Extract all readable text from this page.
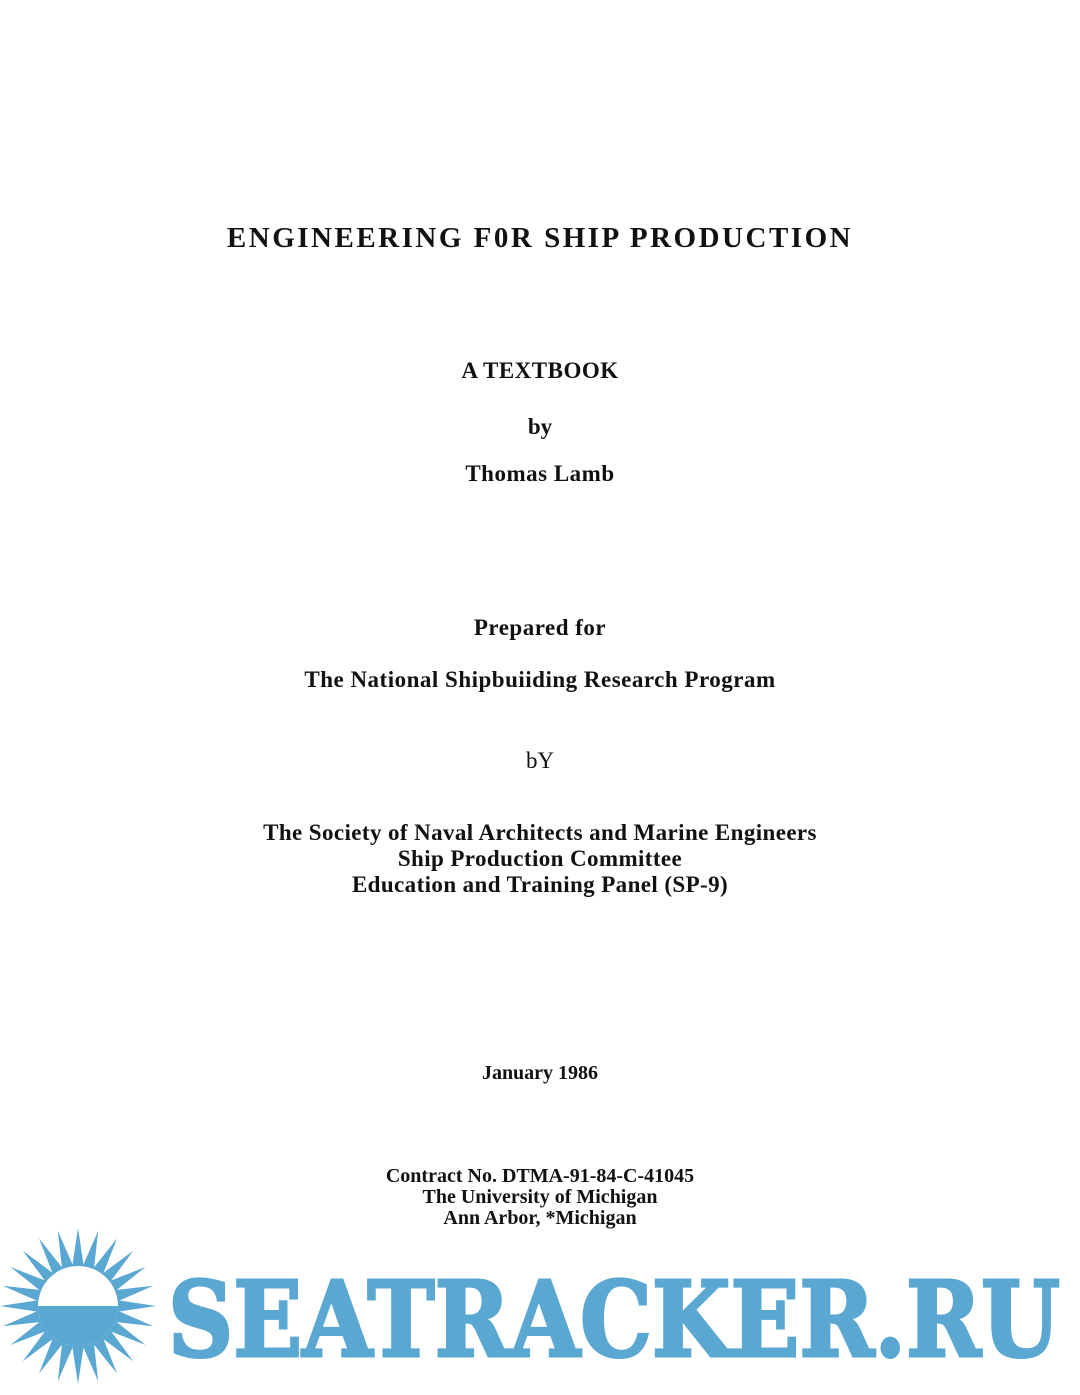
ENGINEERING F0R SHIP PRODUCTION
A TEXTBOOK
by
Thomas Lamb
Prepared for
The National Shipbuiiding Research Program
bY
The Society of Naval Architects and Marine Engineers
Ship Production Committee
Education and Training Panel (SP-9)
January 1986
Contract No. DTMA-91-84-C-41045
The University of Michigan
Ann Arbor, *Michigan
SEATRACKER.RU
